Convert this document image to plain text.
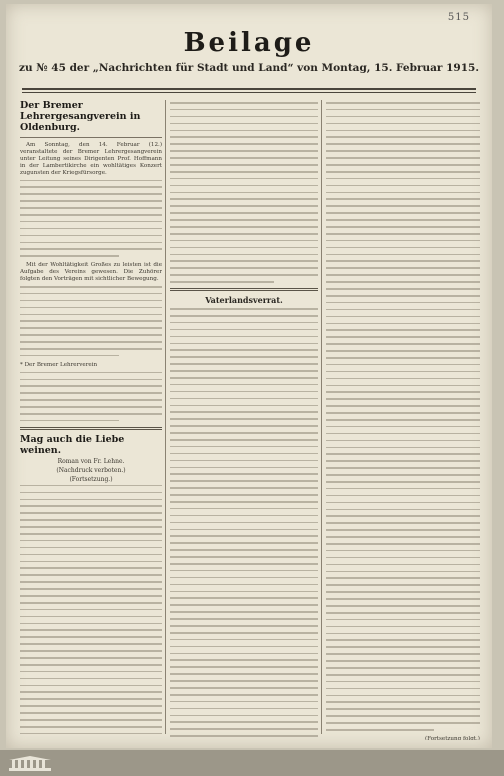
515
Beilage
zu № 45 der „Nachrichten für Stadt und Land“ von Montag, 15. Februar 1915.
Der Bremer Lehrergesangverein in Oldenburg.

Am Sonntag, den 14. Februar (12.) veranstaltete der Bremer Lehrergesangverein unter Leitung seines Dirigenten Prof. Hoffmann in der Lambertikirche ein wohltätiges Konzert zugunsten der Kriegsfürsorge.

Mit der Wohltätigkeit Großes zu leisten ist die Aufgabe des Vereins gewesen. Die Zuhörer folgten den Vorträgen mit sichtlicher Bewegung.

* Der Bremer Lehrerverein

Mag auch die Liebe weinen.
Roman von Fr. Lehne.
(Nachdruck verboten.)
(Fortsetzung.)
Vaterlandsverrat.
(Fortsetzung folgt.)
